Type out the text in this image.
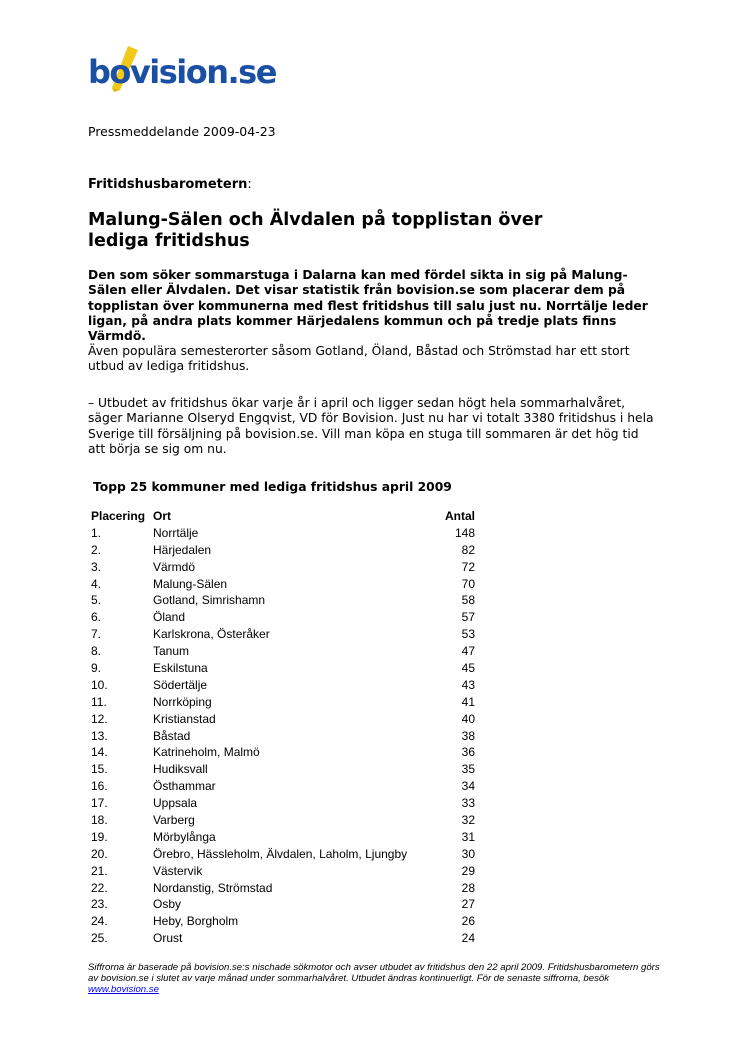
bovision.se
Pressmeddelande 2009-04-23
Fritidshusbarometern:
Malung-Sälen och Älvdalen på topplistan över lediga fritidshus
Den som söker sommarstuga i Dalarna kan med fördel sikta in sig på Malung-Sälen eller Älvdalen. Det visar statistik från bovision.se som placerar dem på topplistan över kommunerna med flest fritidshus till salu just nu. Norrtälje leder ligan, på andra plats kommer Härjedalens kommun och på tredje plats finns Värmdö.
Även populära semesterorter såsom Gotland, Öland, Båstad och Strömstad har ett stort utbud av lediga fritidshus.
– Utbudet av fritidshus ökar varje år i april och ligger sedan högt hela sommarhalvåret, säger Marianne Olseryd Engqvist, VD för Bovision. Just nu har vi totalt 3380 fritidshus i hela Sverige till försäljning på bovision.se. Vill man köpa en stuga till sommaren är det hög tid att börja se sig om nu.
Topp 25 kommuner med lediga fritidshus april 2009
Placering Ort	Antal
1.	Norrtälje	148
2.	Härjedalen	82
3.	Värmdö	72
4.	Malung-Sälen	70
5.	Gotland, Simrishamn	58
6.	Öland	57
7.	Karlskrona, Österåker	53
8.	Tanum	47
9.	Eskilstuna	45
10.	Södertälje	43
11.	Norrköping	41
12.	Kristianstad	40
13.	Båstad	38
14.	Katrineholm, Malmö	36
15.	Hudiksvall	35
16.	Östhammar	34
17.	Uppsala	33
18.	Varberg	32
19.	Mörbylånga	31
20.	Örebro, Hässleholm, Älvdalen, Laholm, Ljungby	30
21.	Västervik	29
22.	Nordanstig, Strömstad	28
23.	Osby	27
24.	Heby, Borgholm	26
25.	Orust	24
Siffrorna är baserade på bovision.se:s nischade sökmotor och avser utbudet av fritidshus den 22 april 2009. Fritidshusbarometern görs av bovision.se i slutet av varje månad under sommarhalvåret. Utbudet ändras kontinuerligt. För de senaste siffrorna, besök www.bovision.se
